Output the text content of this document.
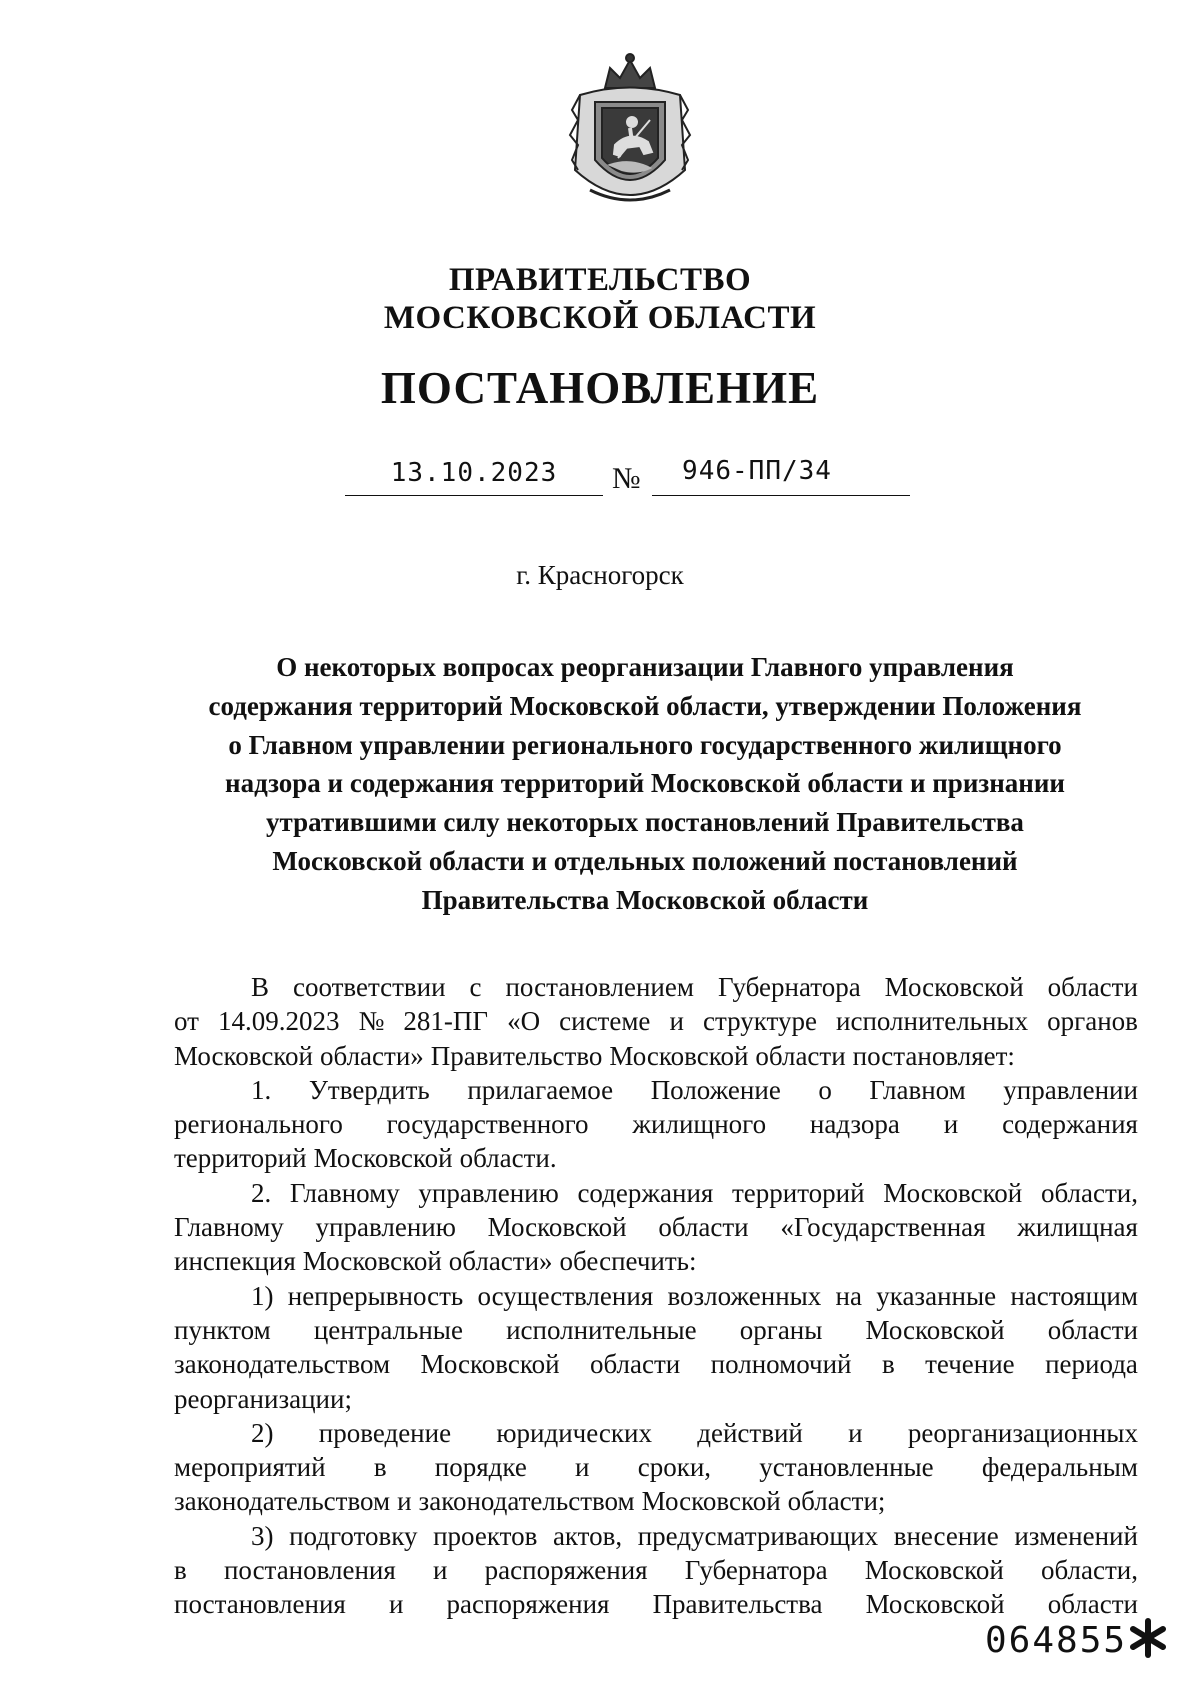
ПРАВИТЕЛЬСТВО
МОСКОВСКОЙ ОБЛАСТИ
ПОСТАНОВЛЕНИЕ
13.10.2023	№	946-ПП/34
г. Красногорск
О некоторых вопросах реорганизации Главного управления
содержания территорий Московской области, утверждении Положения
о Главном управлении регионального государственного жилищного
надзора и содержания территорий Московской области и признании
утратившими силу некоторых постановлений Правительства
Московской области и отдельных положений постановлений
Правительства Московской области
В соответствии с постановлением Губернатора Московской области
от 14.09.2023 № 281-ПГ «О системе и структуре исполнительных органов
Московской области» Правительство Московской области постановляет:
1. Утвердить прилагаемое Положение о Главном управлении
регионального государственного жилищного надзора и содержания
территорий Московской области.
2. Главному управлению содержания территорий Московской области,
Главному управлению Московской области «Государственная жилищная
инспекция Московской области» обеспечить:
1) непрерывность осуществления возложенных на указанные настоящим
пунктом центральные исполнительные органы Московской области
законодательством Московской области полномочий в течение периода
реорганизации;
2) проведение юридических действий и реорганизационных
мероприятий в порядке и сроки, установленные федеральным
законодательством и законодательством Московской области;
3) подготовку проектов актов, предусматривающих внесение изменений
в постановления и распоряжения Губернатора Московской области,
постановления и распоряжения Правительства Московской области
064855
